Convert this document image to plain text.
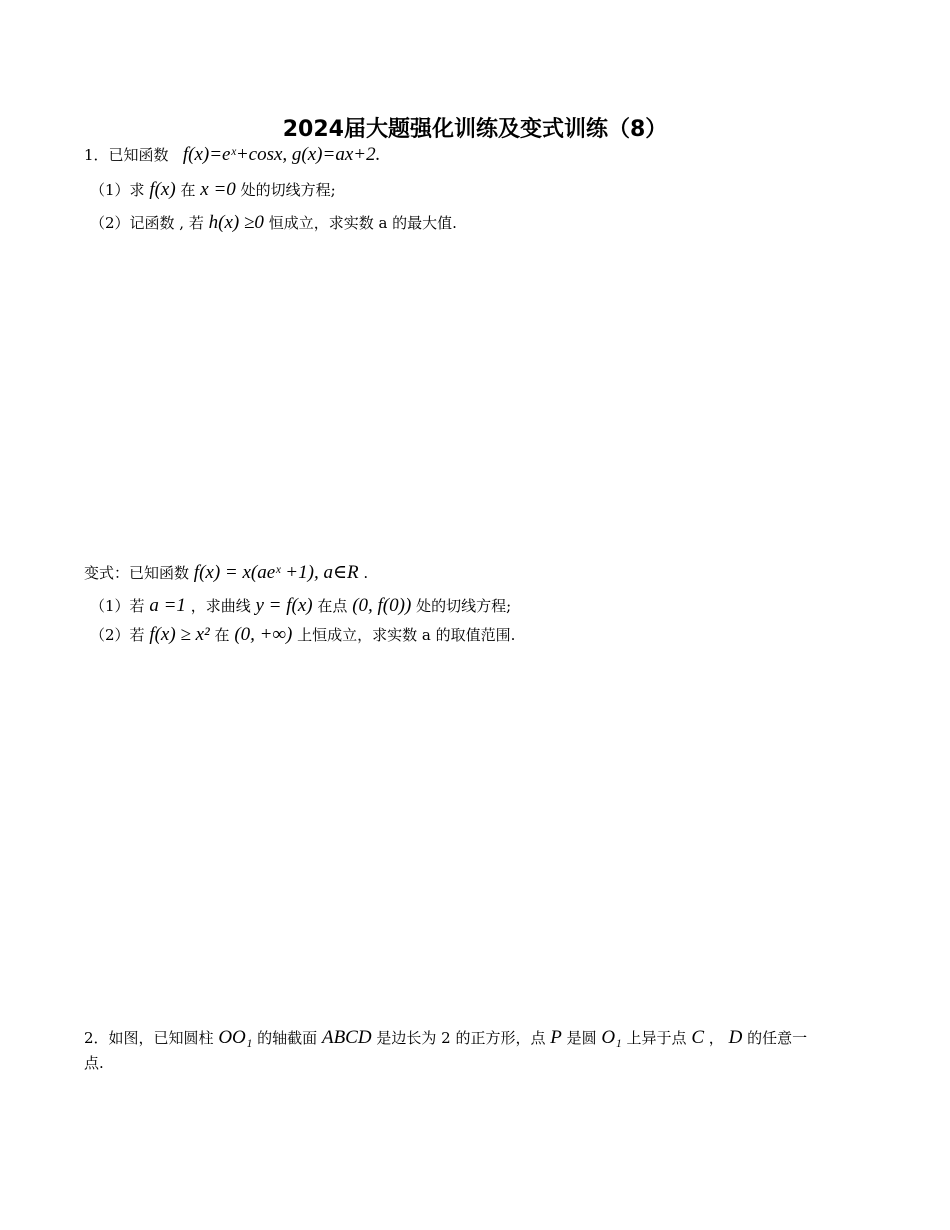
2024届大题强化训练及变式训练（8）
1．已知函数 f(x)=eˣ+cosx, g(x)=ax+2.
（1）求 f(x) 在 x =0 处的切线方程;
（2）记函数 , 若 h(x) ≥0 恒成立，求实数 a 的最大值.
变式：已知函数 f(x) = x(aeˣ +1), a∈R .
（1）若 a =1 ，求曲线 y = f(x) 在点 (0, f(0)) 处的切线方程;
（2）若 f(x) ≥ x² 在 (0, +∞) 上恒成立，求实数 a 的取值范围.
2．如图，已知圆柱 OO₁ 的轴截面 ABCD 是边长为 2 的正方形，点 P 是圆 O₁ 上异于点 C ， D 的任意一
点.
